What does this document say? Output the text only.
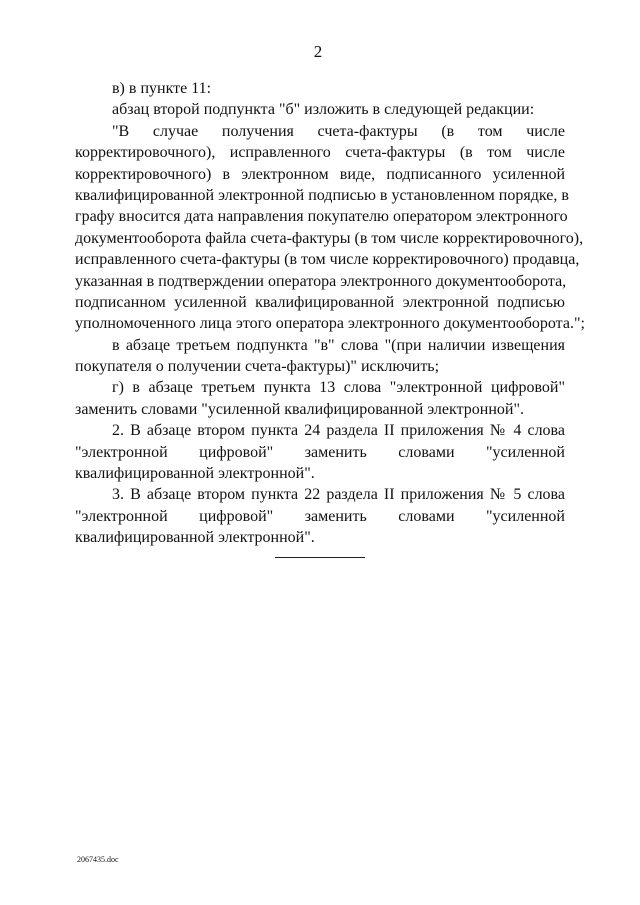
2
в) в пункте 11:
абзац второй подпункта "б" изложить в следующей редакции:
"В случае получения счета-фактуры (в том числе
корректировочного), исправленного счета-фактуры (в том числе
корректировочного) в электронном виде, подписанного усиленной
квалифицированной электронной подписью в установленном порядке, в
графу вносится дата направления покупателю оператором электронного
документооборота файла счета-фактуры (в том числе корректировочного),
исправленного счета-фактуры (в том числе корректировочного) продавца,
указанная в подтверждении оператора электронного документооборота,
подписанном усиленной квалифицированной электронной подписью
уполномоченного лица этого оператора электронного документооборота.";
в абзаце третьем подпункта "в" слова "(при наличии извещения
покупателя о получении счета-фактуры)" исключить;
г) в абзаце третьем пункта 13 слова "электронной цифровой"
заменить словами "усиленной квалифицированной электронной".
2. В абзаце втором пункта 24 раздела II приложения № 4 слова
"электронной цифровой" заменить словами "усиленной
квалифицированной электронной".
3. В абзаце втором пункта 22 раздела II приложения № 5 слова
"электронной цифровой" заменить словами "усиленной
квалифицированной электронной".
2067435.doc
